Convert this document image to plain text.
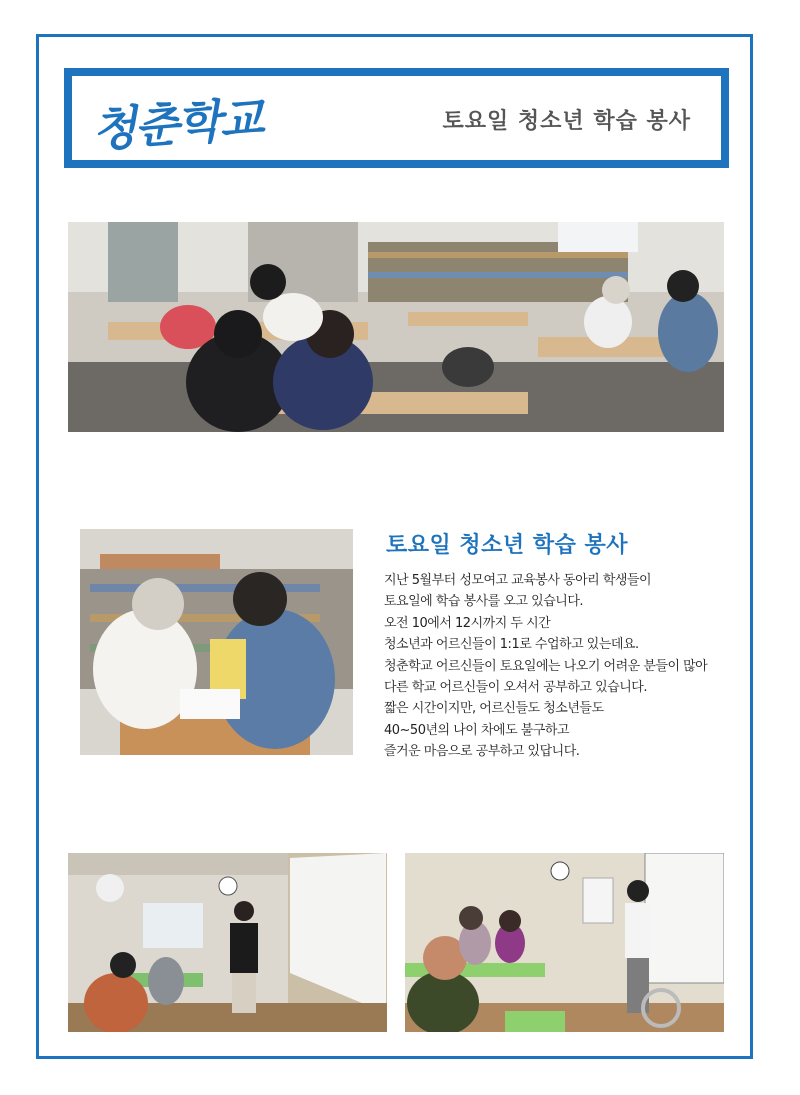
청춘학교	토요일 청소년 학습 봉사
토요일 청소년 학습 봉사
지난 5월부터 성모여고 교육봉사 동아리 학생들이
토요일에 학습 봉사를 오고 있습니다.
오전 10에서 12시까지 두 시간
청소년과 어르신들이 1:1로 수업하고 있는데요.
청춘학교 어르신들이 토요일에는 나오기 어려운 분들이 많아
다른 학교 어르신들이 오셔서 공부하고 있습니다.
짧은 시간이지만, 어르신들도 청소년들도
40~50년의 나이 차에도 불구하고
즐거운 마음으로 공부하고 있답니다.
